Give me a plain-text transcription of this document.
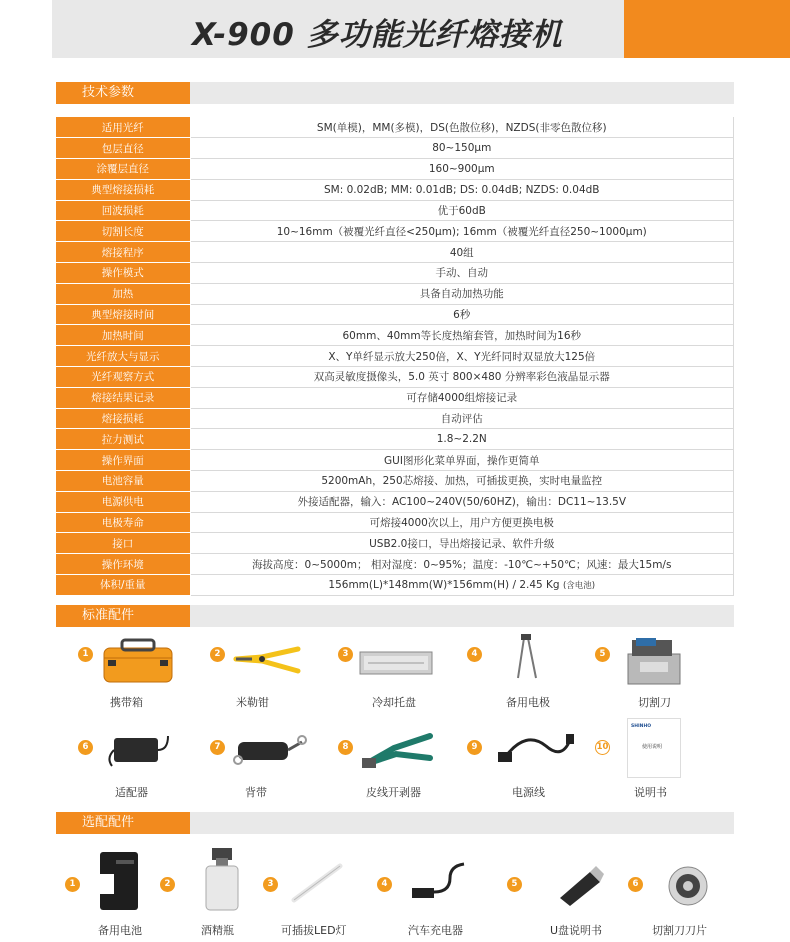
X-900 多功能光纤熔接机
技术参数
适用光纤	SM(单模)，MM(多模)，DS(色散位移)，NZDS(非零色散位移)
包层直径	80~150μm
涂覆层直径	160~900μm
典型熔接损耗	SM: 0.02dB; MM: 0.01dB; DS: 0.04dB; NZDS: 0.04dB
回波损耗	优于60dB
切割长度	10~16mm（被覆光纤直径<250μm); 16mm（被覆光纤直径250~1000μm)
熔接程序	40组
操作模式	手动、自动
加热	具备自动加热功能
典型熔接时间	6秒
加热时间	60mm、40mm等长度热缩套管，加热时间为16秒
光纤放大与显示	X、Y单纤显示放大250倍，X、Y光纤同时双显放大125倍
光纤观察方式	双高灵敏度摄像头，5.0 英寸 800×480 分辨率彩色液晶显示器
熔接结果记录	可存储4000组熔接记录
熔接损耗	自动评估
拉力测试	1.8~2.2N
操作界面	GUI图形化菜单界面，操作更简单
电池容量	5200mAh，250芯熔接、加热，可插拔更换，实时电量监控
电源供电	外接适配器，输入：AC100~240V(50/60HZ)，输出：DC11~13.5V
电极寿命	可熔接4000次以上，用户方便更换电极
接口	USB2.0接口，导出熔接记录、软件升级
操作环境	海拔高度：0~5000m； 相对湿度：0~95%；温度：-10℃~+50℃；风速：最大15m/s
体积/重量	156mm(L)*148mm(W)*156mm(H) / 2.45 Kg (含电池)
标准配件
1
携带箱
2
米勒钳
3
冷却托盘
4
备用电极
5
切割刀
6
适配器
7
背带
8
皮线开剥器
9
电源线
10
SHINHO
使用说明
说明书
选配配件
1
备用电池
2
酒精瓶
3
可插拔LED灯
4
汽车充电器
5
U盘说明书
6
切割刀刀片
